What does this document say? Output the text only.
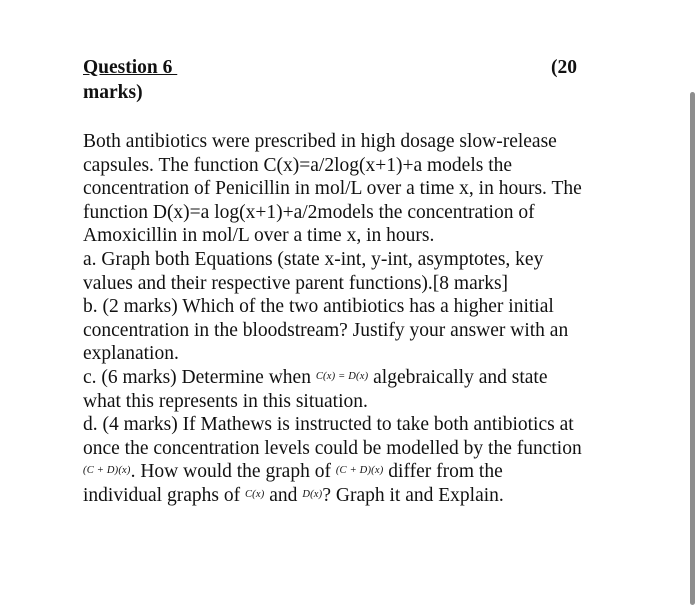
Question 6	(20
marks)
Both antibiotics were prescribed in high dosage slow-release
capsules. The function C(x)=a/2log(x+1)+a models the
concentration of Penicillin in mol/L over a time x, in hours. The
function D(x)=a log(x+1)+a/2models the concentration of
Amoxicillin in mol/L over a time x, in hours.
a. Graph both Equations (state x-int, y-int, asymptotes, key
values and their respective parent functions).[8 marks]
b. (2 marks) Which of the two antibiotics has a higher initial
concentration in the bloodstream? Justify your answer with an
explanation.
c. (6 marks) Determine when $^{C(x) = D(x)}$ algebraically and state
what this represents in this situation.
d. (4 marks) If Mathews is instructed to take both antibiotics at
once the concentration levels could be modelled by the function
$^{(C + D)(x)}$. How would the graph of $^{(C + D)(x)}$ differ from the
individual graphs of $^{C(x)}$ and $^{D(x)}$? Graph it and Explain.
